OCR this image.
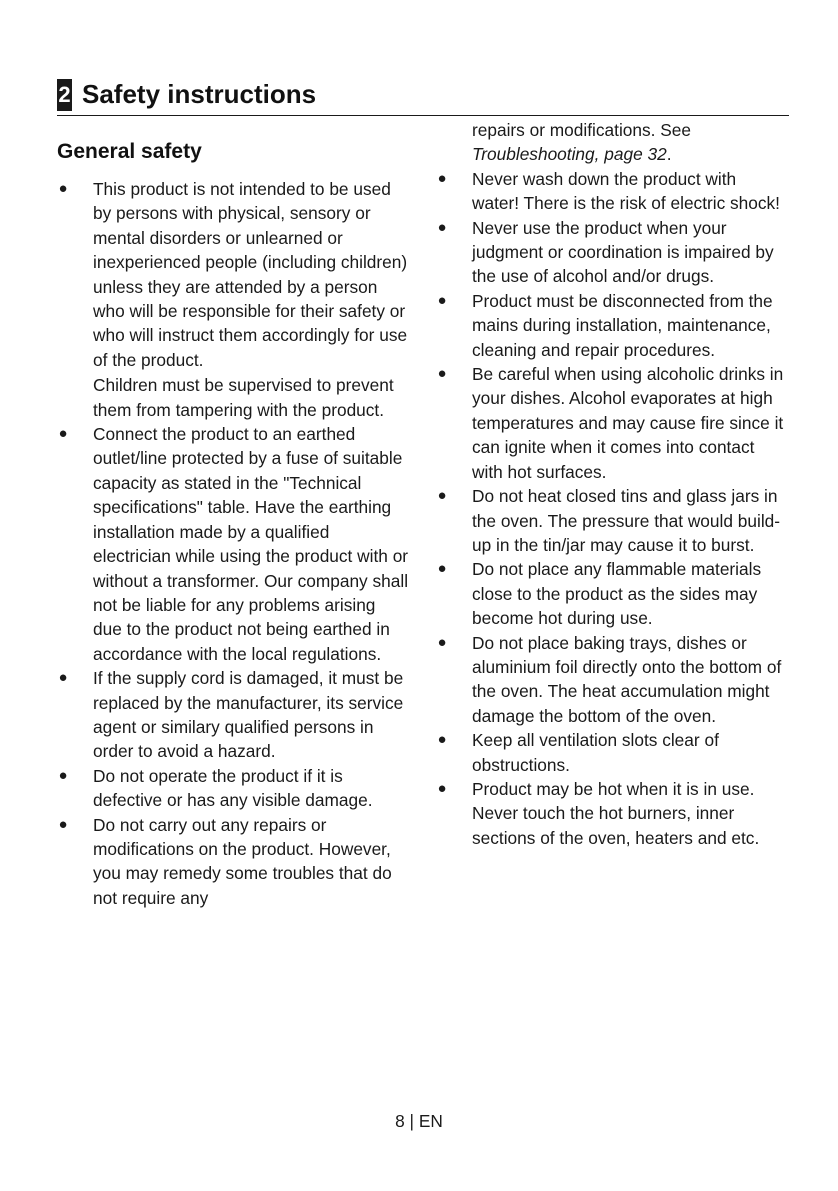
2 Safety instructions
General safety
● This product is not intended to be used by persons with physical, sensory or mental disorders or unlearned or inexperienced people (including children) unless they are attended by a person who will be responsible for their safety or who will instruct them accordingly for use of the product.
Children must be supervised to prevent them from tampering with the product.
● Connect the product to an earthed outlet/line protected by a fuse of suitable capacity as stated in the "Technical specifications" table. Have the earthing installation made by a qualified electrician while using the product with or without a transformer. Our company shall not be liable for any problems arising due to the product not being earthed in accordance with the local regulations.
● If the supply cord is damaged, it must be replaced by the manufacturer, its service agent or similary qualified persons in order to avoid a hazard.
● Do not operate the product if it is defective or has any visible damage.
● Do not carry out any repairs or modifications on the product. However, you may remedy some troubles that do not require any

repairs or modifications. See Troubleshooting, page 32.

● Never wash down the product with water! There is the risk of electric shock!
● Never use the product when your judgment or coordination is impaired by the use of alcohol and/or drugs.
● Product must be disconnected from the mains during installation, maintenance, cleaning and repair procedures.
● Be careful when using alcoholic drinks in your dishes. Alcohol evaporates at high temperatures and may cause fire since it can ignite when it comes into contact with hot surfaces.
● Do not heat closed tins and glass jars in the oven. The pressure that would build-up in the tin/jar may cause it to burst.
● Do not place any flammable materials close to the product as the sides may become hot during use.
● Do not place baking trays, dishes or aluminium foil directly onto the bottom of the oven. The heat accumulation might damage the bottom of the oven.
● Keep all ventilation slots clear of obstructions.
● Product may be hot when it is in use. Never touch the hot burners, inner sections of the oven, heaters and etc.
8 | EN
